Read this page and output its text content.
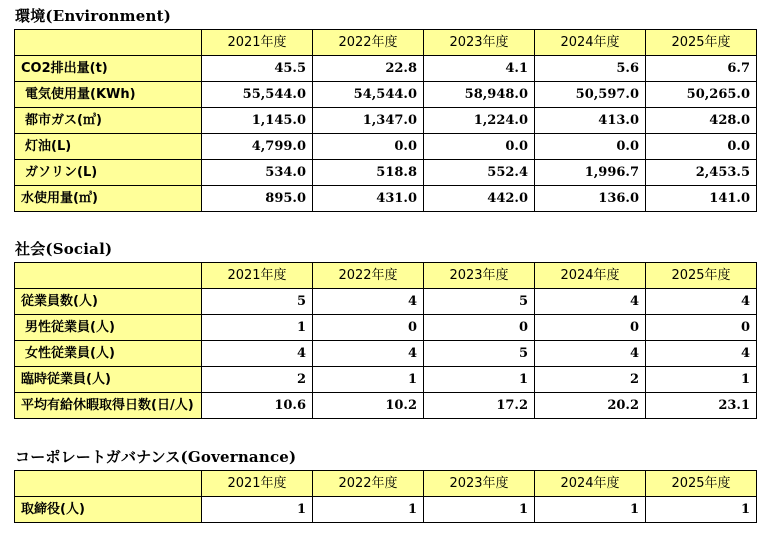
環境(Environment)
	2021年度	2022年度	2023年度	2024年度	2025年度
CO2排出量(t)	45.5	22.8	4.1	5.6	6.7
電気使用量(KWh)	55,544.0	54,544.0	58,948.0	50,597.0	50,265.0
都市ガス(㎥)	1,145.0	1,347.0	1,224.0	413.0	428.0
灯油(L)	4,799.0	0.0	0.0	0.0	0.0
ガソリン(L)	534.0	518.8	552.4	1,996.7	2,453.5
水使用量(㎥)	895.0	431.0	442.0	136.0	141.0
社会(Social)
	2021年度	2022年度	2023年度	2024年度	2025年度
従業員数(人)	5	4	5	4	4
男性従業員(人)	1	0	0	0	0
女性従業員(人)	4	4	5	4	4
臨時従業員(人)	2	1	1	2	1
平均有給休暇取得日数(日/人)	10.6	10.2	17.2	20.2	23.1
コーポレートガバナンス(Governance)
	2021年度	2022年度	2023年度	2024年度	2025年度
取締役(人)	1	1	1	1	1
